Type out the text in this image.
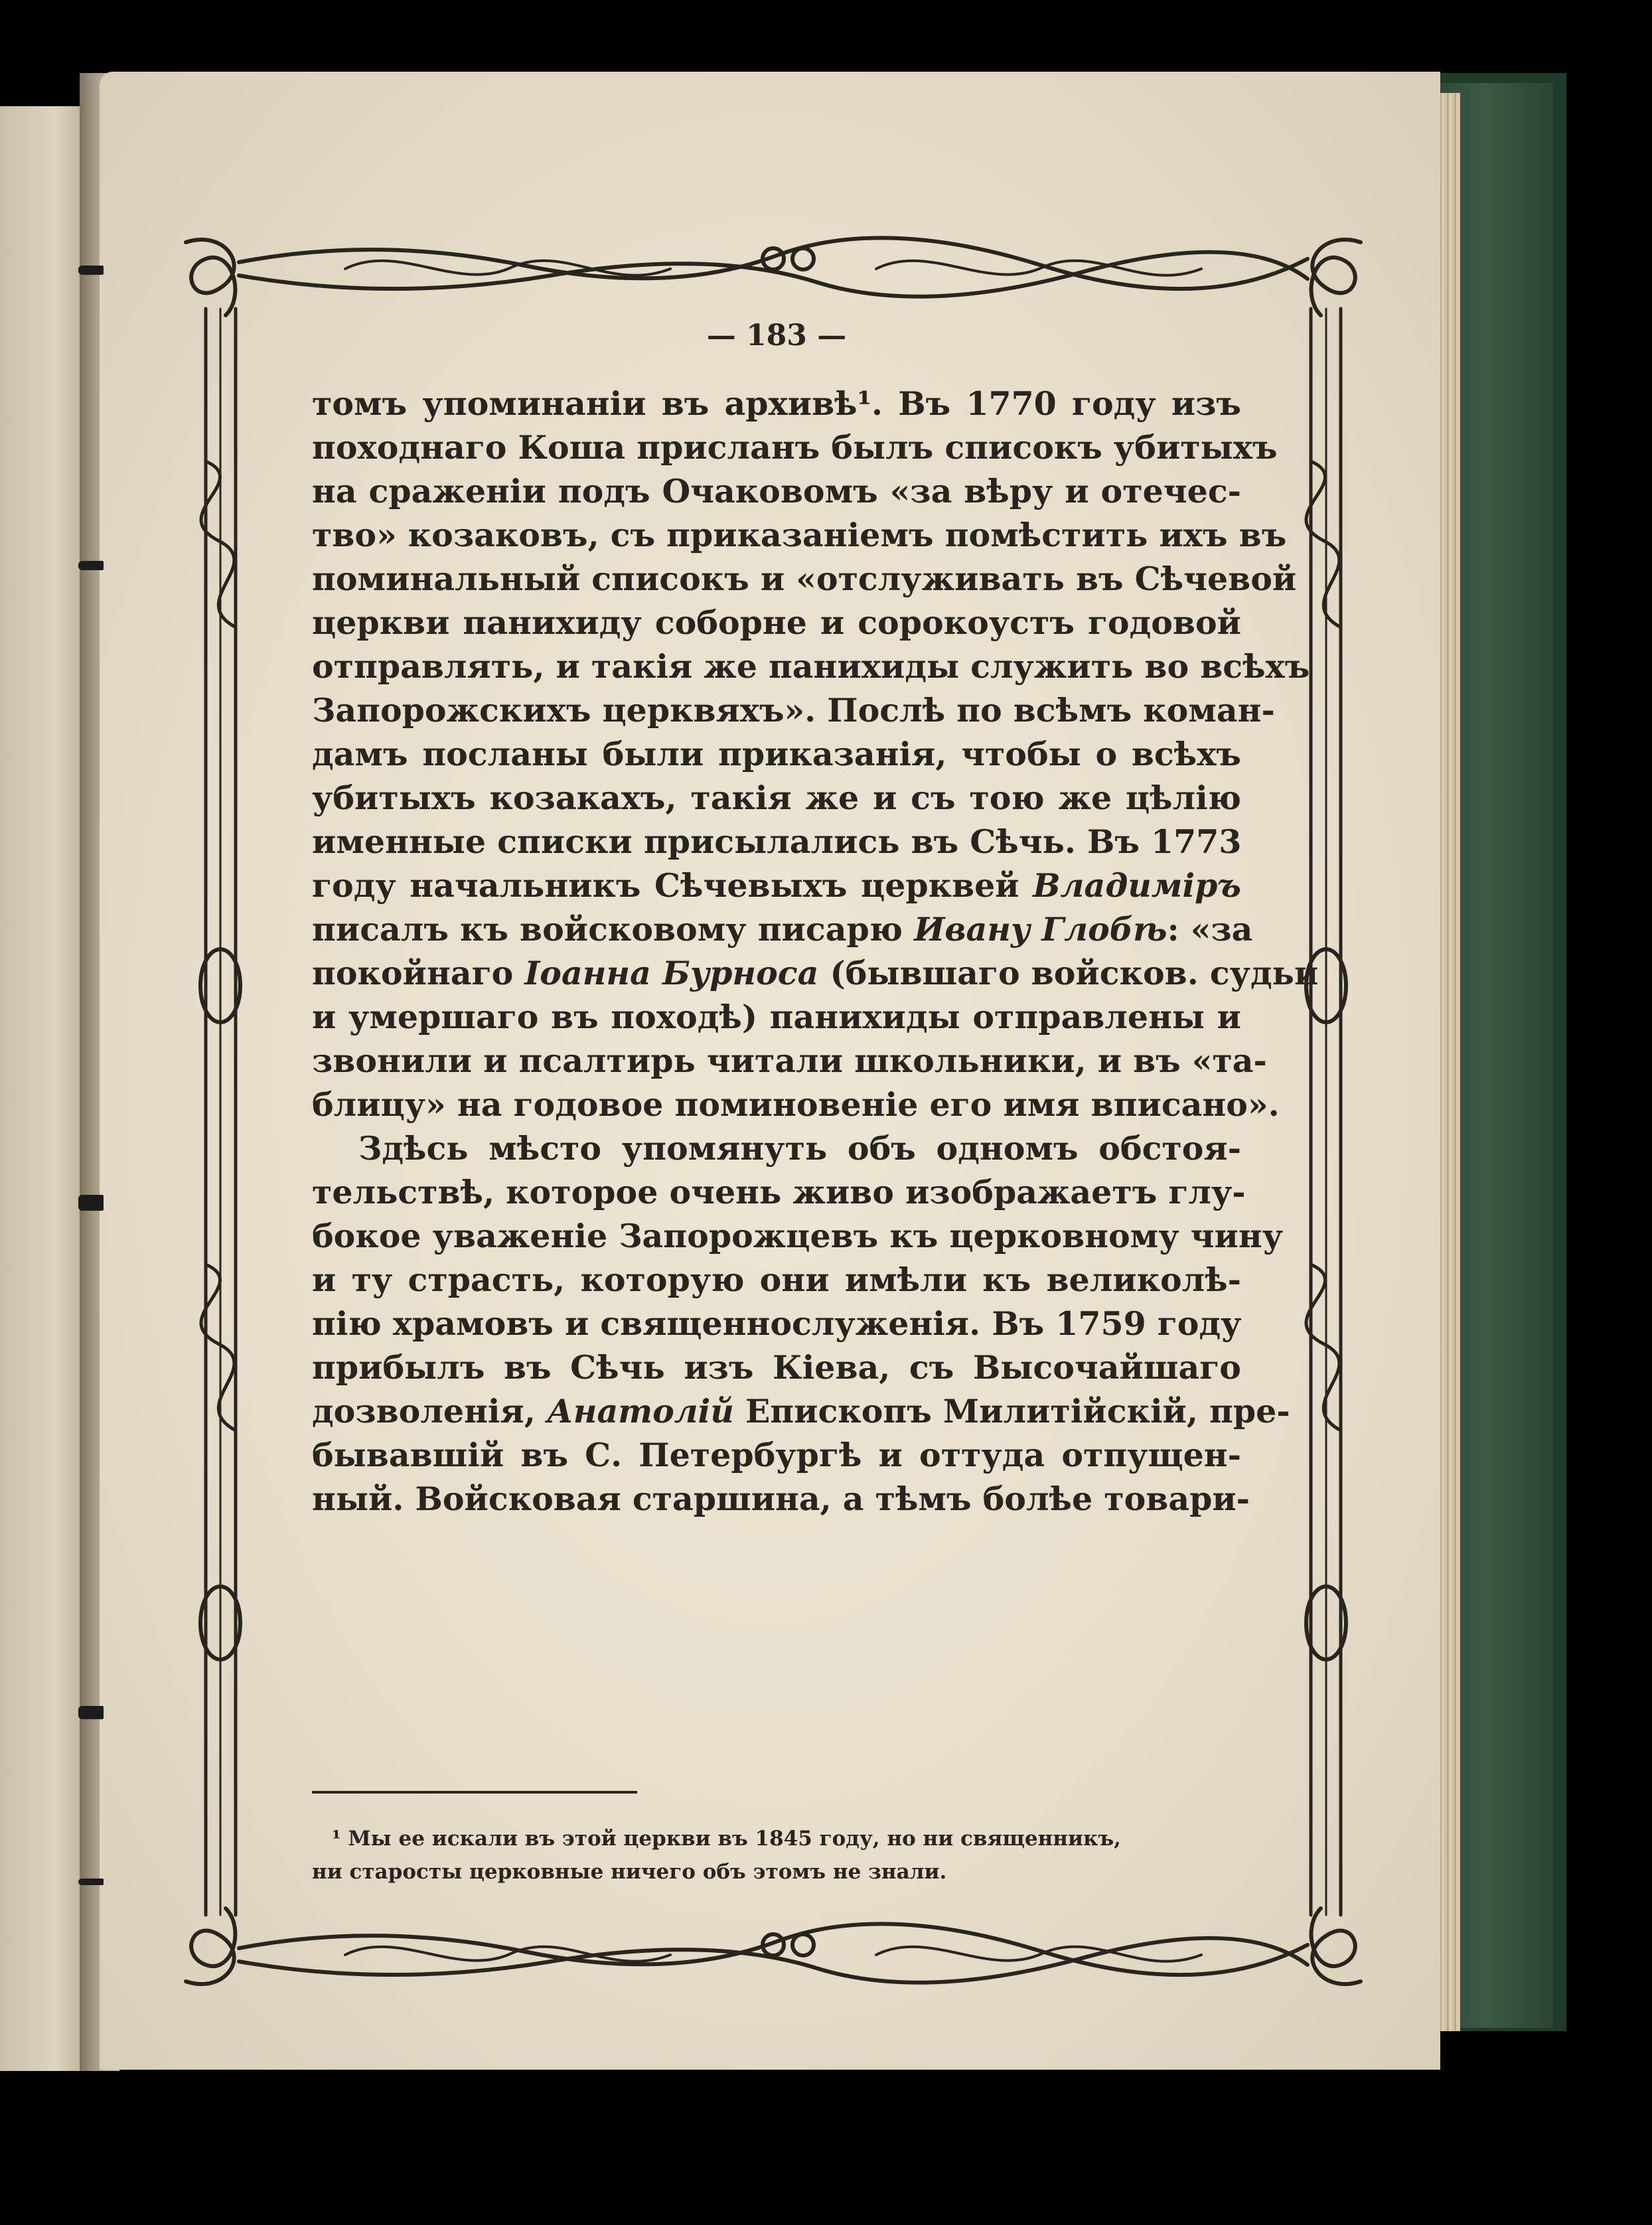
— 183 —
томъ упоминанiи въ архивѣ¹. Въ 1770 году изъ
походнаго Коша присланъ былъ списокъ убитыхъ
на сраженiи подъ Очаковомъ «за вѣру и отечес-
тво» козаковъ, съ приказанiемъ помѣстить ихъ въ
поминальный списокъ и «отслуживать въ Сѣчевой
церкви панихиду соборне и сорокоустъ годовой
отправлять, и такiя же панихиды служить во всѣхъ
Запорожскихъ церквяхъ». Послѣ по всѣмъ коман-
дамъ посланы были приказанiя, чтобы о всѣхъ
убитыхъ козакахъ, такiя же и съ тою же цѣлiю
именные списки присылались въ Сѣчь. Въ 1773
году начальникъ Сѣчевыхъ церквей Владимiръ
писалъ къ войсковому писарю Ивану Глобѣ: «за
покойнаго Iоанна Бурноса (бывшаго войсков. судьи
и умершаго въ походѣ) панихиды отправлены и
звонили и псалтирь читали школьники, и въ «та-
блицу» на годовое поминовенiе его имя вписано».
Здѣсь мѣсто упомянуть объ одномъ обстоя-
тельствѣ, которое очень живо изображаетъ глу-
бокое уваженiе Запорожцевъ къ церковному чину
и ту страсть, которую они имѣли къ великолѣ-
пiю храмовъ и священнослуженiя. Въ 1759 году
прибылъ въ Сѣчь изъ Кiева, съ Высочайшаго
дозволенiя, Анатолiй Епископъ Милитiйскiй, пре-
бывавшiй въ С. Петербургѣ и оттуда отпущен-
ный. Войсковая старшина, а тѣмъ болѣе товари-
¹ Мы ее искали въ этой церкви въ 1845 году, но ни священникъ,
ни старосты церковные ничего объ этомъ не знали.
